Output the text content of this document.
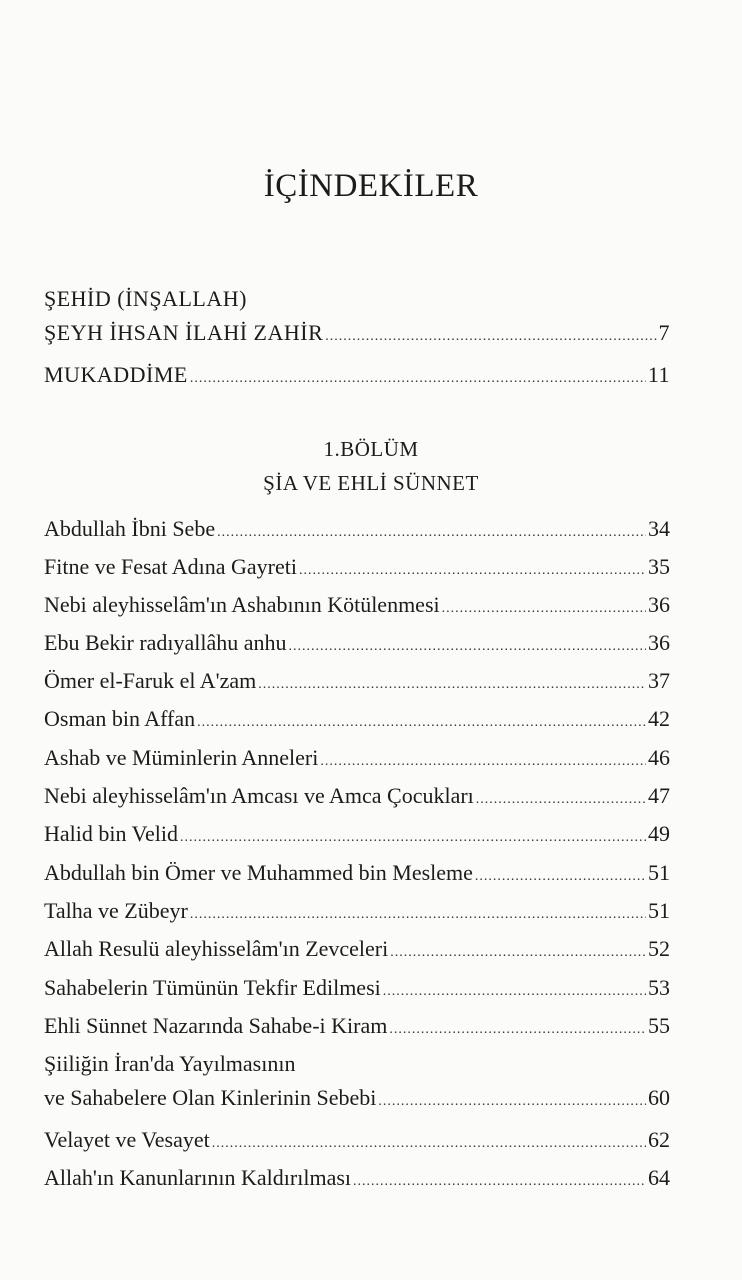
İÇİNDEKİLER
ŞEHİD (İNŞALLAH)
ŞEYH İHSAN İLAHİ ZAHİR .....	7
MUKADDİME .....	11
1.BÖLÜM
ŞİA VE EHLİ SÜNNET
Abdullah İbni Sebe .....	34
Fitne ve Fesat Adına Gayreti .....	35
Nebi aleyhisselâm'ın Ashabının Kötülenmesi .....	36
Ebu Bekir radıyallâhu anhu .....	36
Ömer el-Faruk el A'zam .....	37
Osman bin Affan .....	42
Ashab ve Müminlerin Anneleri .....	46
Nebi aleyhisselâm'ın Amcası ve Amca Çocukları .....	47
Halid bin Velid .....	49
Abdullah bin Ömer ve Muhammed bin Mesleme .....	51
Talha ve Zübeyr .....	51
Allah Resulü aleyhisselâm'ın Zevceleri .....	52
Sahabelerin Tümünün Tekfir Edilmesi .....	53
Ehli Sünnet Nazarında Sahabe-i Kiram .....	55
Şiiliğin İran'da Yayılmasının
ve Sahabelere Olan Kinlerinin Sebebi .....	60
Velayet ve Vesayet .....	62
Allah'ın Kanunlarının Kaldırılması .....	64
